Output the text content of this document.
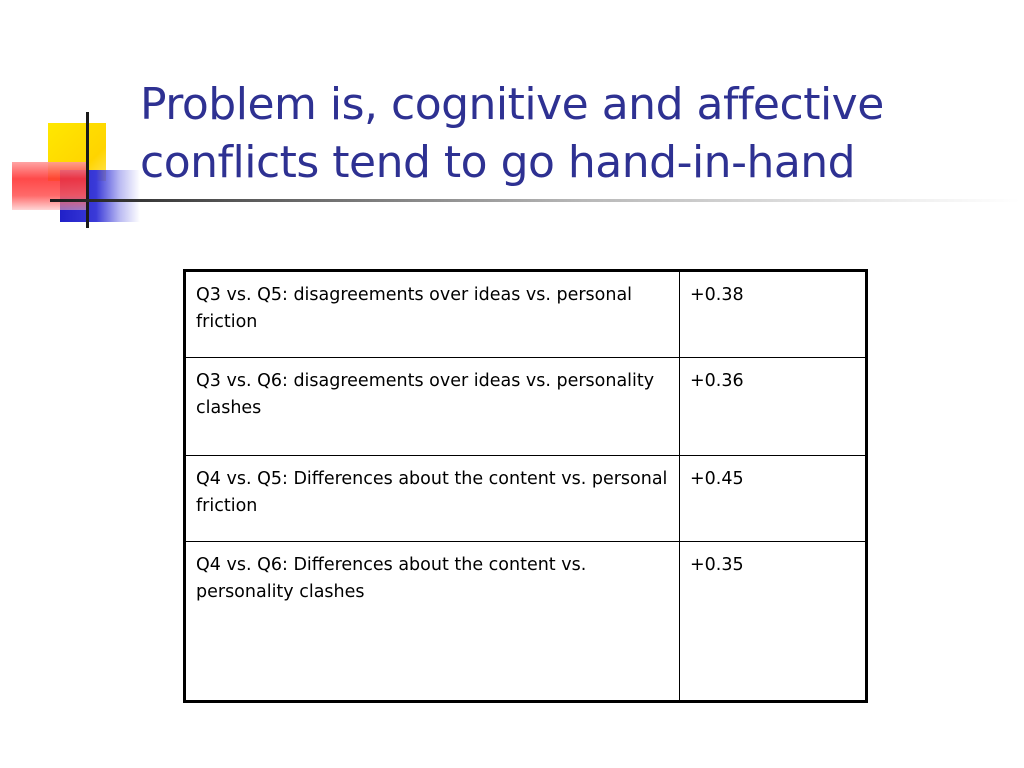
Problem is, cognitive and affective
conflicts tend to go hand-in-hand
Q3 vs. Q5: disagreements over ideas vs. personal friction	+0.38
Q3 vs. Q6: disagreements over ideas vs. personality clashes	+0.36
Q4 vs. Q5: Differences about the content vs. personal friction	+0.45
Q4 vs. Q6: Differences about the content vs. personality clashes	+0.35
